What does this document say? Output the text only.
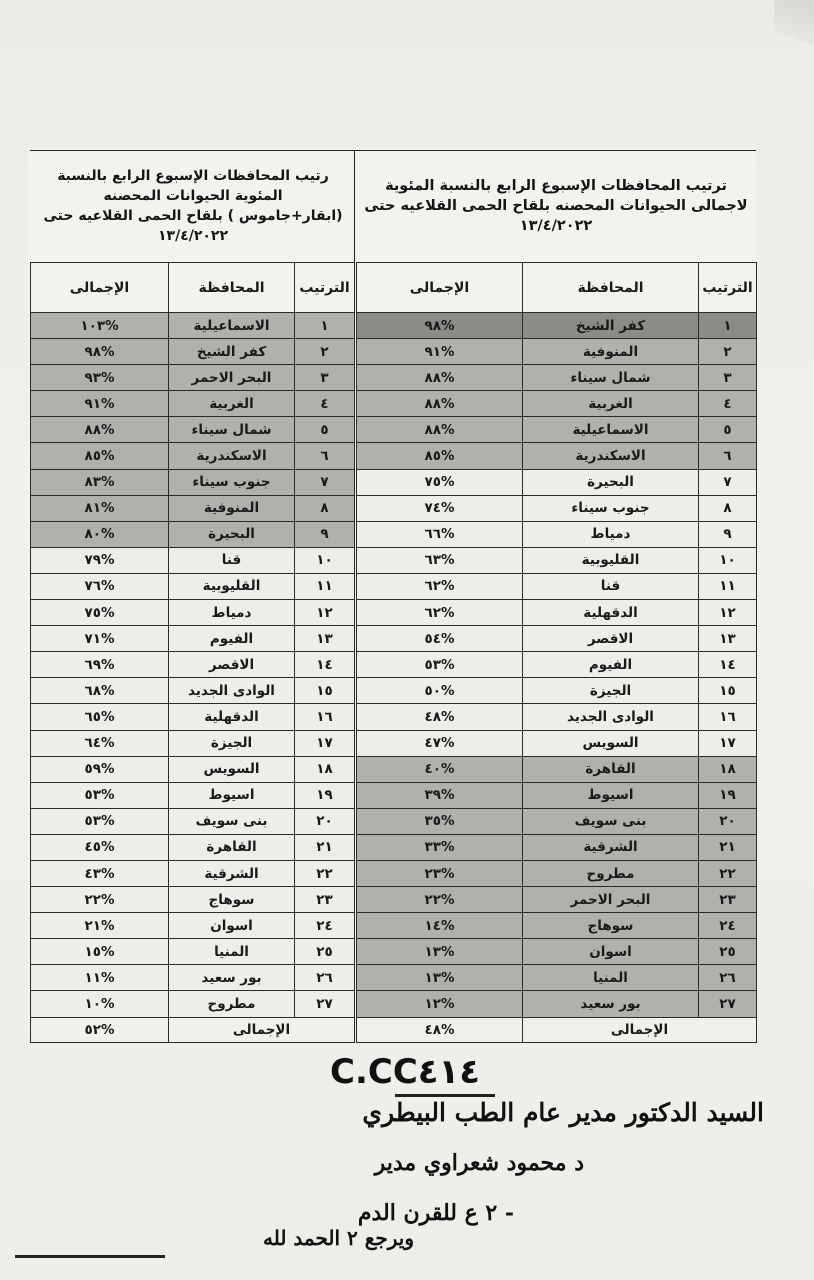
ترتيب المحافظات الإسبوع الرابع بالنسبة المئوية
لاجمالى الحيوانات المحصنه بلقاح الحمى القلاعيه حتى
١٣/٤/٢٠٢٢
رتيب المحافظات الإسبوع الرابع بالنسبة
المئوية الحيوانات المحصنه
(ابقار+جاموس ) بلقاح الحمى القلاعيه حتى
١٣/٤/٢٠٢٢
الترتيب	المحافظة	الإجمالى
١	كفر الشيخ	%٩٨
٢	المنوفية	%٩١
٣	شمال سيناء	%٨٨
٤	الغربية	%٨٨
٥	الاسماعيلية	%٨٨
٦	الاسكندرية	%٨٥
٧	البحيرة	%٧٥
٨	جنوب سيناء	%٧٤
٩	دمياط	%٦٦
١٠	القليوبية	%٦٣
١١	قنا	%٦٢
١٢	الدقهلية	%٦٢
١٣	الاقصر	%٥٤
١٤	الفيوم	%٥٣
١٥	الجيزة	%٥٠
١٦	الوادى الجديد	%٤٨
١٧	السويس	%٤٧
١٨	القاهرة	%٤٠
١٩	اسيوط	%٣٩
٢٠	بنى سويف	%٣٥
٢١	الشرقية	%٣٣
٢٢	مطروح	%٢٣
٢٣	البحر الاحمر	%٢٢
٢٤	سوهاج	%١٤
٢٥	اسوان	%١٣
٢٦	المنيا	%١٣
٢٧	بور سعيد	%١٢
الإجمالى		%٤٨
الترتيب	المحافظة	الإجمالى
١	الاسماعيلية	%١٠٣
٢	كفر الشيخ	%٩٨
٣	البحر الاحمر	%٩٣
٤	الغربية	%٩١
٥	شمال سيناء	%٨٨
٦	الاسكندرية	%٨٥
٧	جنوب سيناء	%٨٣
٨	المنوفية	%٨١
٩	البحيرة	%٨٠
١٠	قنا	%٧٩
١١	القليوبية	%٧٦
١٢	دمياط	%٧٥
١٣	الفيوم	%٧١
١٤	الاقصر	%٦٩
١٥	الوادى الجديد	%٦٨
١٦	الدقهلية	%٦٥
١٧	الجيزة	%٦٤
١٨	السويس	%٥٩
١٩	اسيوط	%٥٣
٢٠	بنى سويف	%٥٣
٢١	القاهرة	%٤٥
٢٢	الشرقية	%٤٣
٢٣	سوهاج	%٢٢
٢٤	اسوان	%٢١
٢٥	المنيا	%١٥
٢٦	بور سعيد	%١١
٢٧	مطروح	%١٠
الإجمالى		%٥٢
C.CC٤١٤
السيد الدكتور مدير عام الطب البيطري
د محمود شعراوي مدير
- ٢ ع للقرن الدم
ويرجع ٢ الحمد لله
